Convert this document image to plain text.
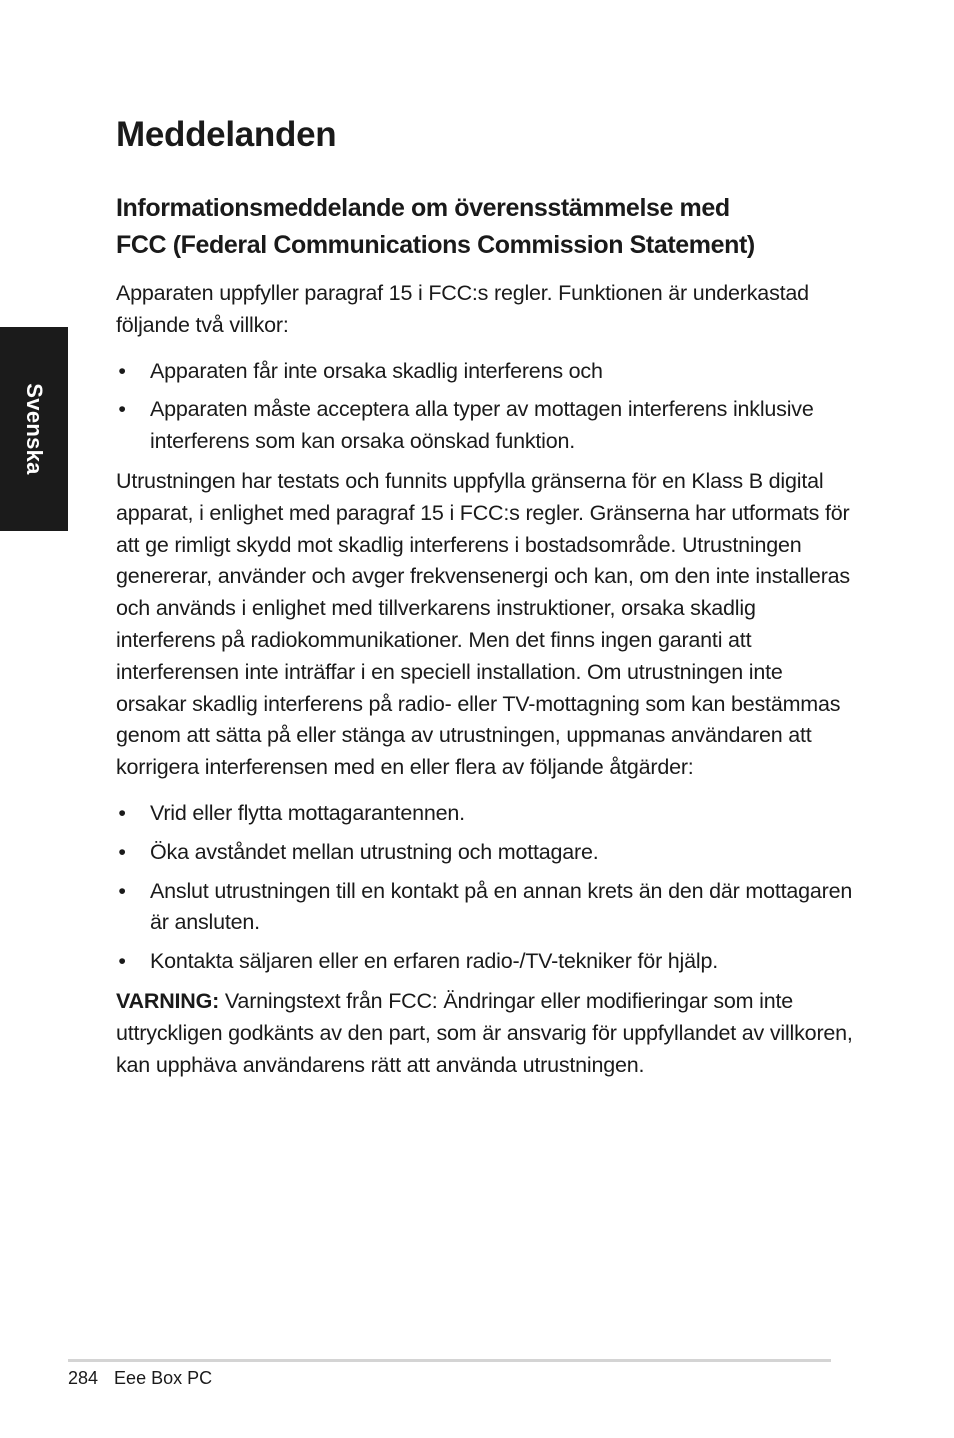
Svenska
Meddelanden
Informationsmeddelande om överensstämmelse med
FCC (Federal Communications Commission Statement)

Apparaten uppfyller paragraf 15 i FCC:s regler. Funktionen är underkastad följande två villkor:

• Apparaten får inte orsaka skadlig interferens och
• Apparaten måste acceptera alla typer av mottagen interferens inklusive interferens som kan orsaka oönskad funktion.

Utrustningen har testats och funnits uppfylla gränserna för en Klass B digital apparat, i enlighet med paragraf 15 i FCC:s regler. Gränserna har utformats för att ge rimligt skydd mot skadlig interferens i bostadsområde. Utrustningen genererar, använder och avger frekvensenergi och kan, om den inte installeras och används i enlighet med tillverkarens instruktioner, orsaka skadlig interferens på radiokommunikationer. Men det finns ingen garanti att interferensen inte inträffar i en speciell installation. Om utrustningen inte orsakar skadlig interferens på radio- eller TV-mottagning som kan bestämmas genom att sätta på eller stänga av utrustningen, uppmanas användaren att korrigera interferensen med en eller flera av följande åtgärder:

• Vrid eller flytta mottagarantennen.
• Öka avståndet mellan utrustning och mottagare.
• Anslut utrustningen till en kontakt på en annan krets än den där mottagaren är ansluten.
• Kontakta säljaren eller en erfaren radio-/TV-tekniker för hjälp.

VARNING: Varningstext från FCC: Ändringar eller modifieringar som inte uttryckligen godkänts av den part, som är ansvarig för uppfyllandet av villkoren, kan upphäva användarens rätt att använda utrustningen.

284 Eee Box PC
